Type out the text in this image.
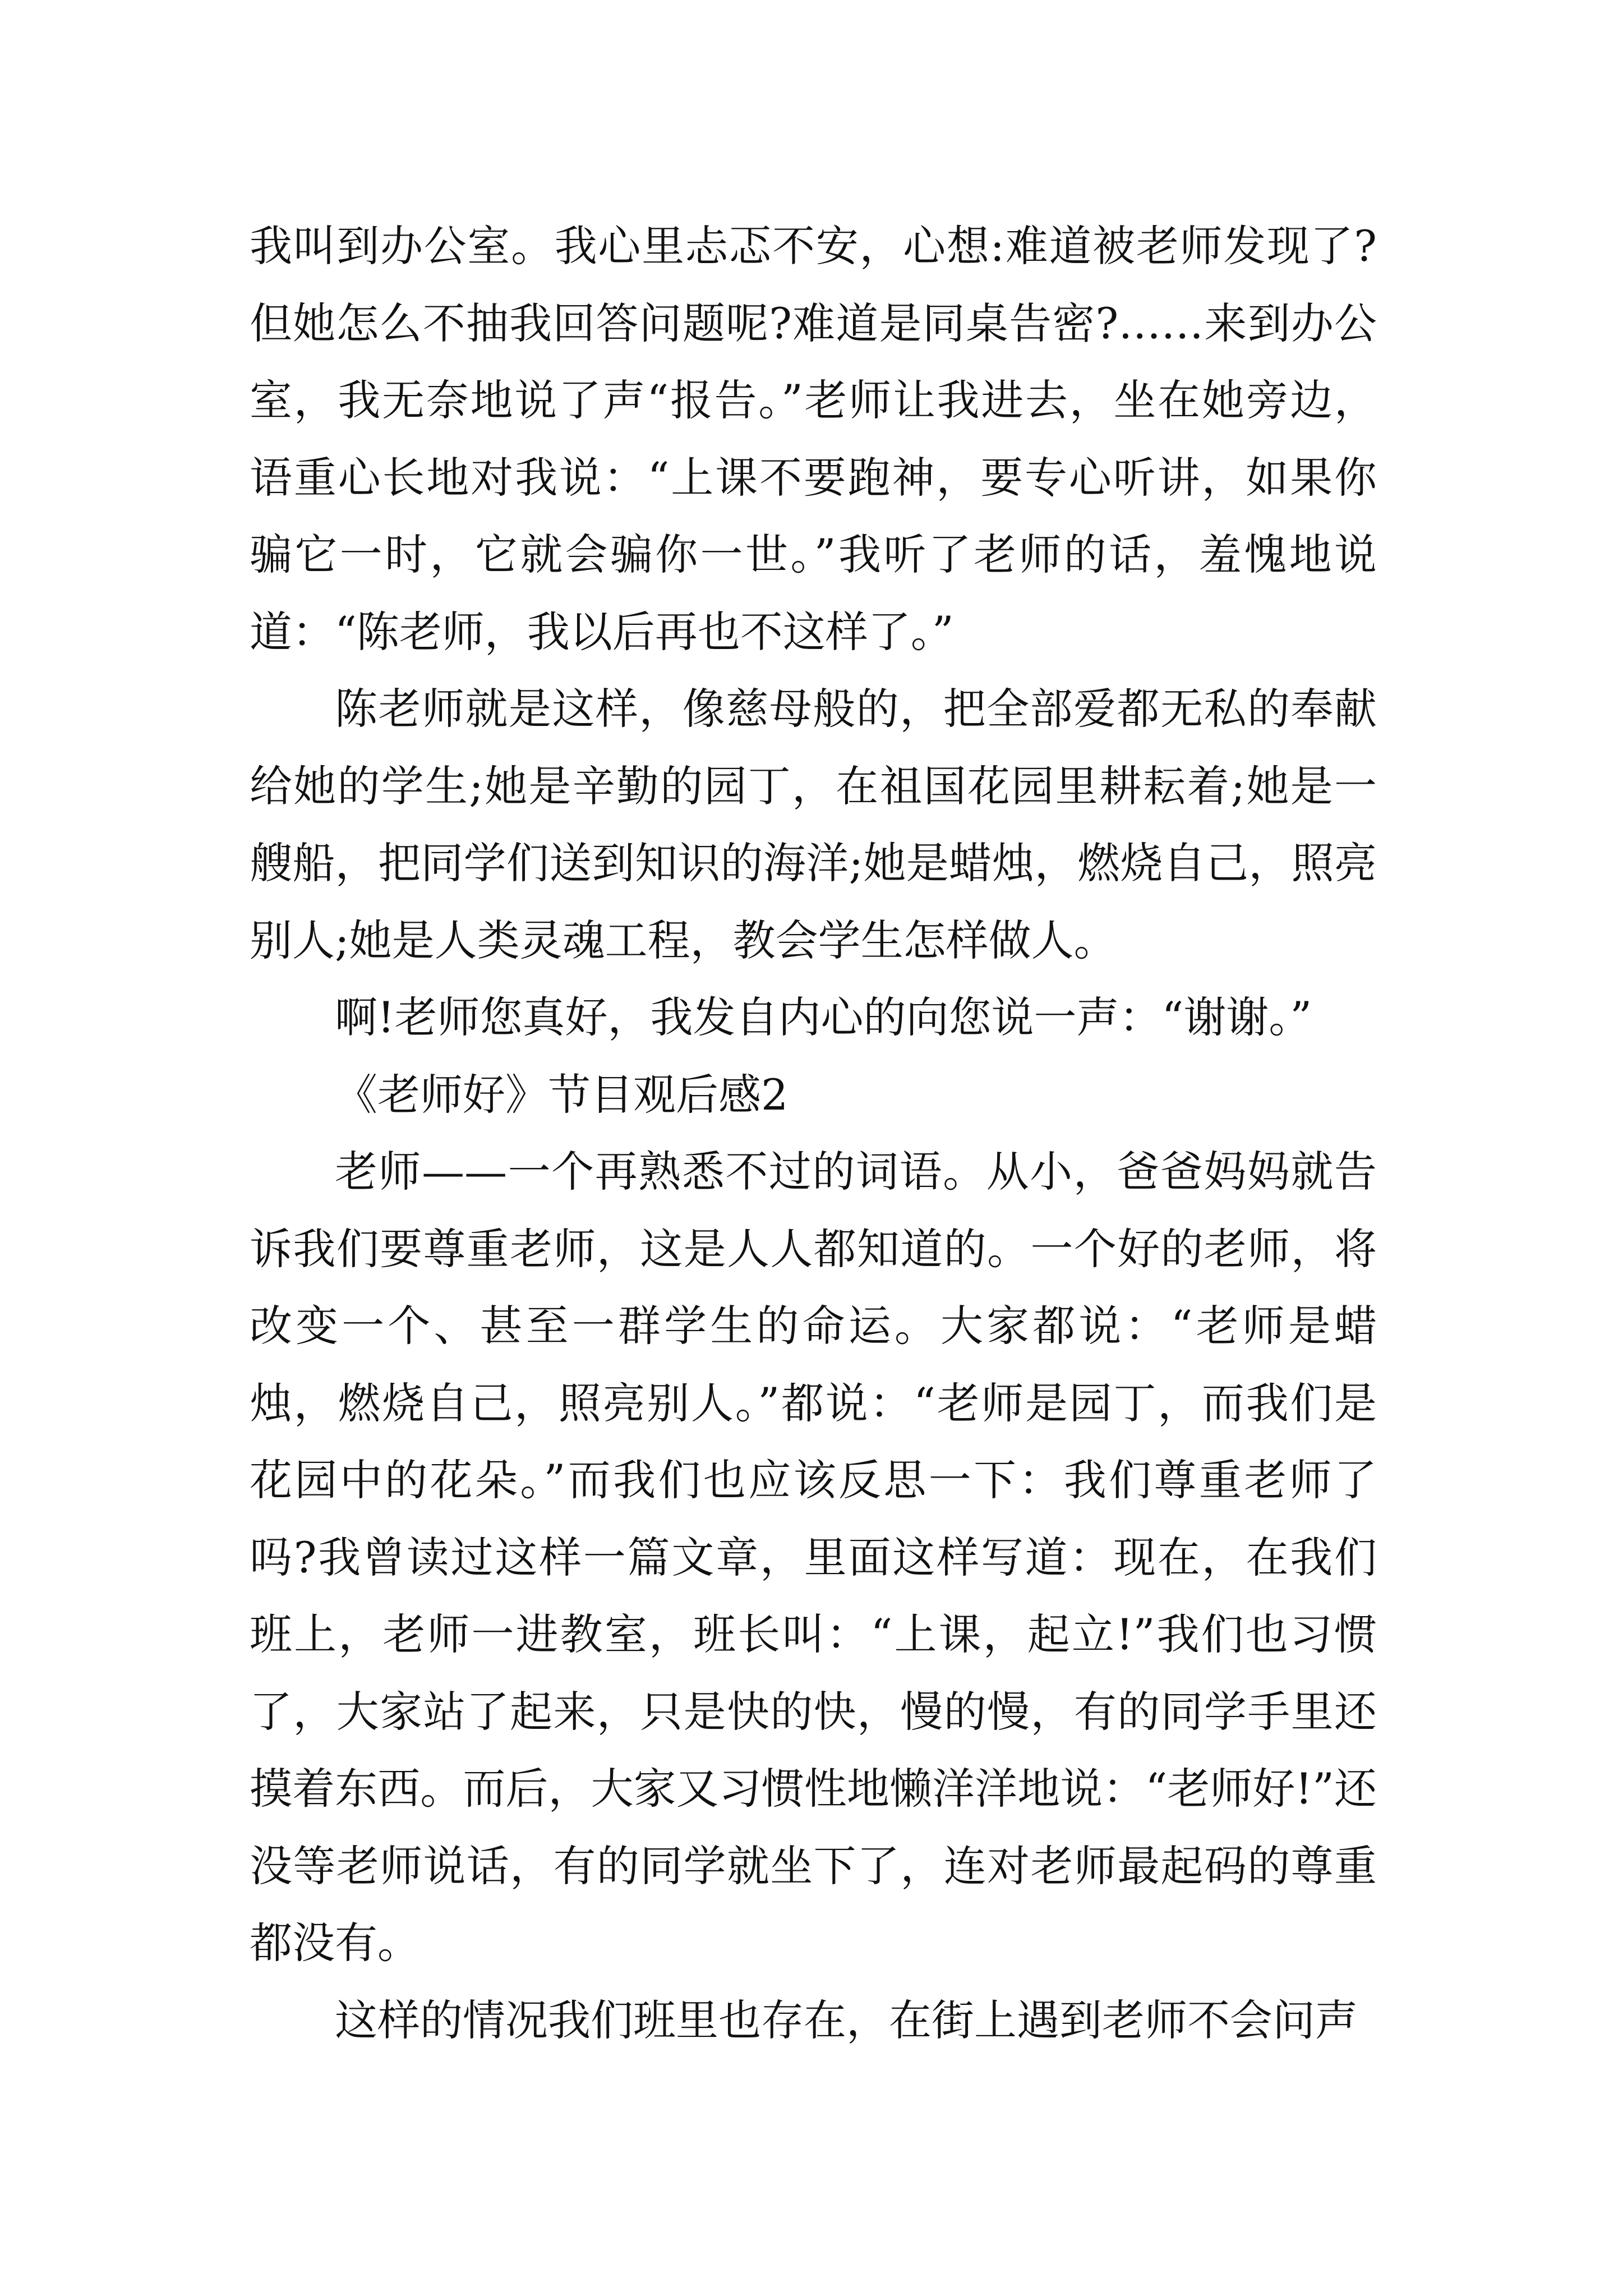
我叫到办公室。我心里忐忑不安，心想:难道被老师发现了?但她怎么不抽我回答问题呢?难道是同桌告密?……来到办公室，我无奈地说了声“报告。”老师让我进去，坐在她旁边，语重心长地对我说：“上课不要跑神，要专心听讲，如果你骗它一时，它就会骗你一世。”我听了老师的话，羞愧地说道：“陈老师，我以后再也不这样了。”

陈老师就是这样，像慈母般的，把全部爱都无私的奉献给她的学生;她是辛勤的园丁，在祖国花园里耕耘着;她是一艘船，把同学们送到知识的海洋;她是蜡烛，燃烧自己，照亮别人;她是人类灵魂工程，教会学生怎样做人。

啊!老师您真好，我发自内心的向您说一声：“谢谢。”

《老师好》节目观后感2

老师——一个再熟悉不过的词语。从小，爸爸妈妈就告诉我们要尊重老师，这是人人都知道的。一个好的老师，将改变一个、甚至一群学生的命运。大家都说：“老师是蜡烛，燃烧自己，照亮别人。”都说：“老师是园丁，而我们是花园中的花朵。”而我们也应该反思一下：我们尊重老师了吗?我曾读过这样一篇文章，里面这样写道：现在，在我们班上，老师一进教室，班长叫：“上课，起立!”我们也习惯了，大家站了起来，只是快的快，慢的慢，有的同学手里还摸着东西。而后，大家又习惯性地懒洋洋地说：“老师好!”还没等老师说话，有的同学就坐下了，连对老师最起码的尊重都没有。

这样的情况我们班里也存在，在街上遇到老师不会问声
